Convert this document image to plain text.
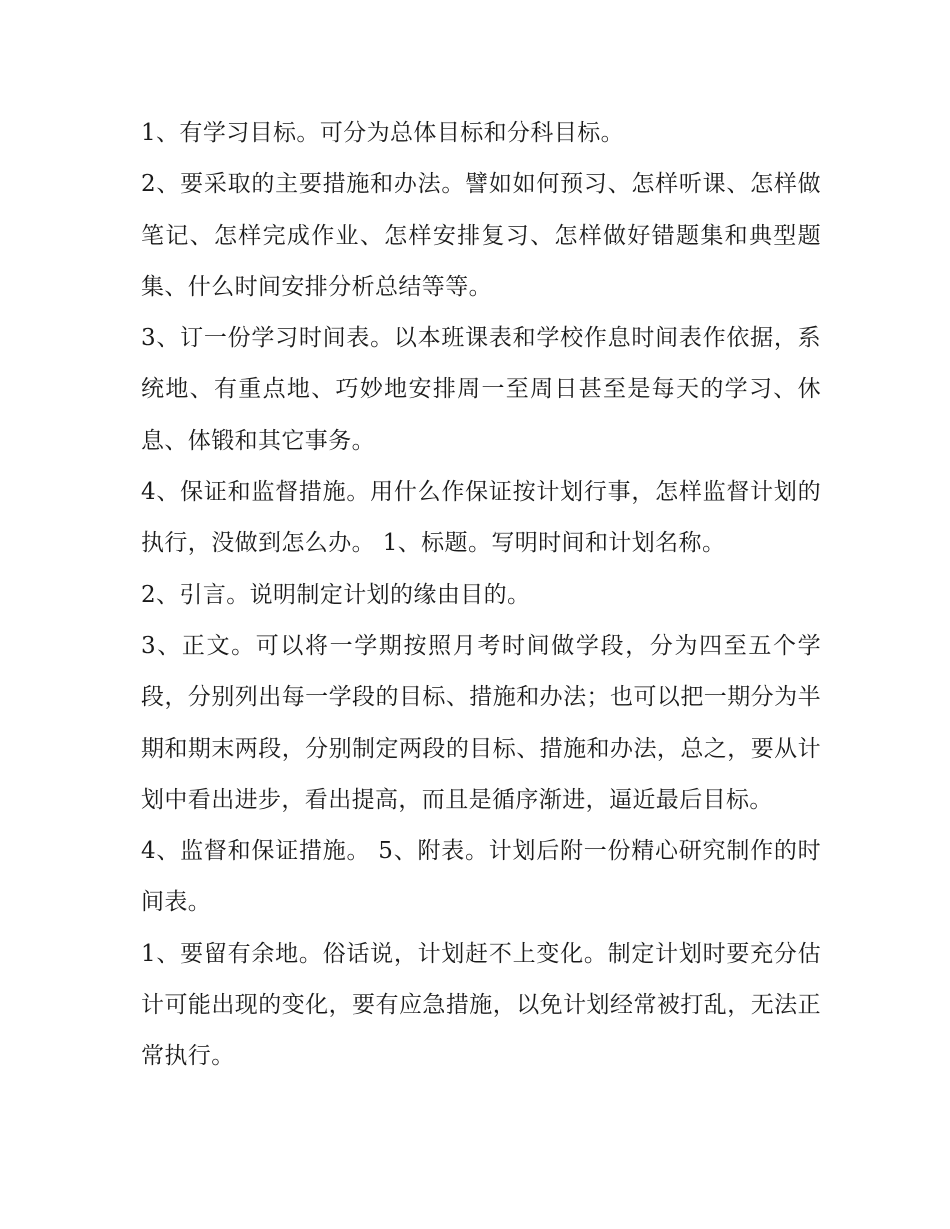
1、有学习目标。可分为总体目标和分科目标。

2、要采取的主要措施和办法。譬如如何预习、怎样听课、怎样做笔记、怎样完成作业、怎样安排复习、怎样做好错题集和典型题集、什么时间安排分析总结等等。

3、订一份学习时间表。以本班课表和学校作息时间表作依据，系统地、有重点地、巧妙地安排周一至周日甚至是每天的学习、休息、体锻和其它事务。

4、保证和监督措施。用什么作保证按计划行事，怎样监督计划的执行，没做到怎么办。 1、标题。写明时间和计划名称。

2、引言。说明制定计划的缘由目的。

3、正文。可以将一学期按照月考时间做学段，分为四至五个学段，分别列出每一学段的目标、措施和办法；也可以把一期分为半期和期末两段，分别制定两段的目标、措施和办法，总之，要从计划中看出进步，看出提高，而且是循序渐进，逼近最后目标。

4、监督和保证措施。 5、附表。计划后附一份精心研究制作的时间表。

1、要留有余地。俗话说，计划赶不上变化。制定计划时要充分估计可能出现的变化，要有应急措施，以免计划经常被打乱，无法正常执行。
